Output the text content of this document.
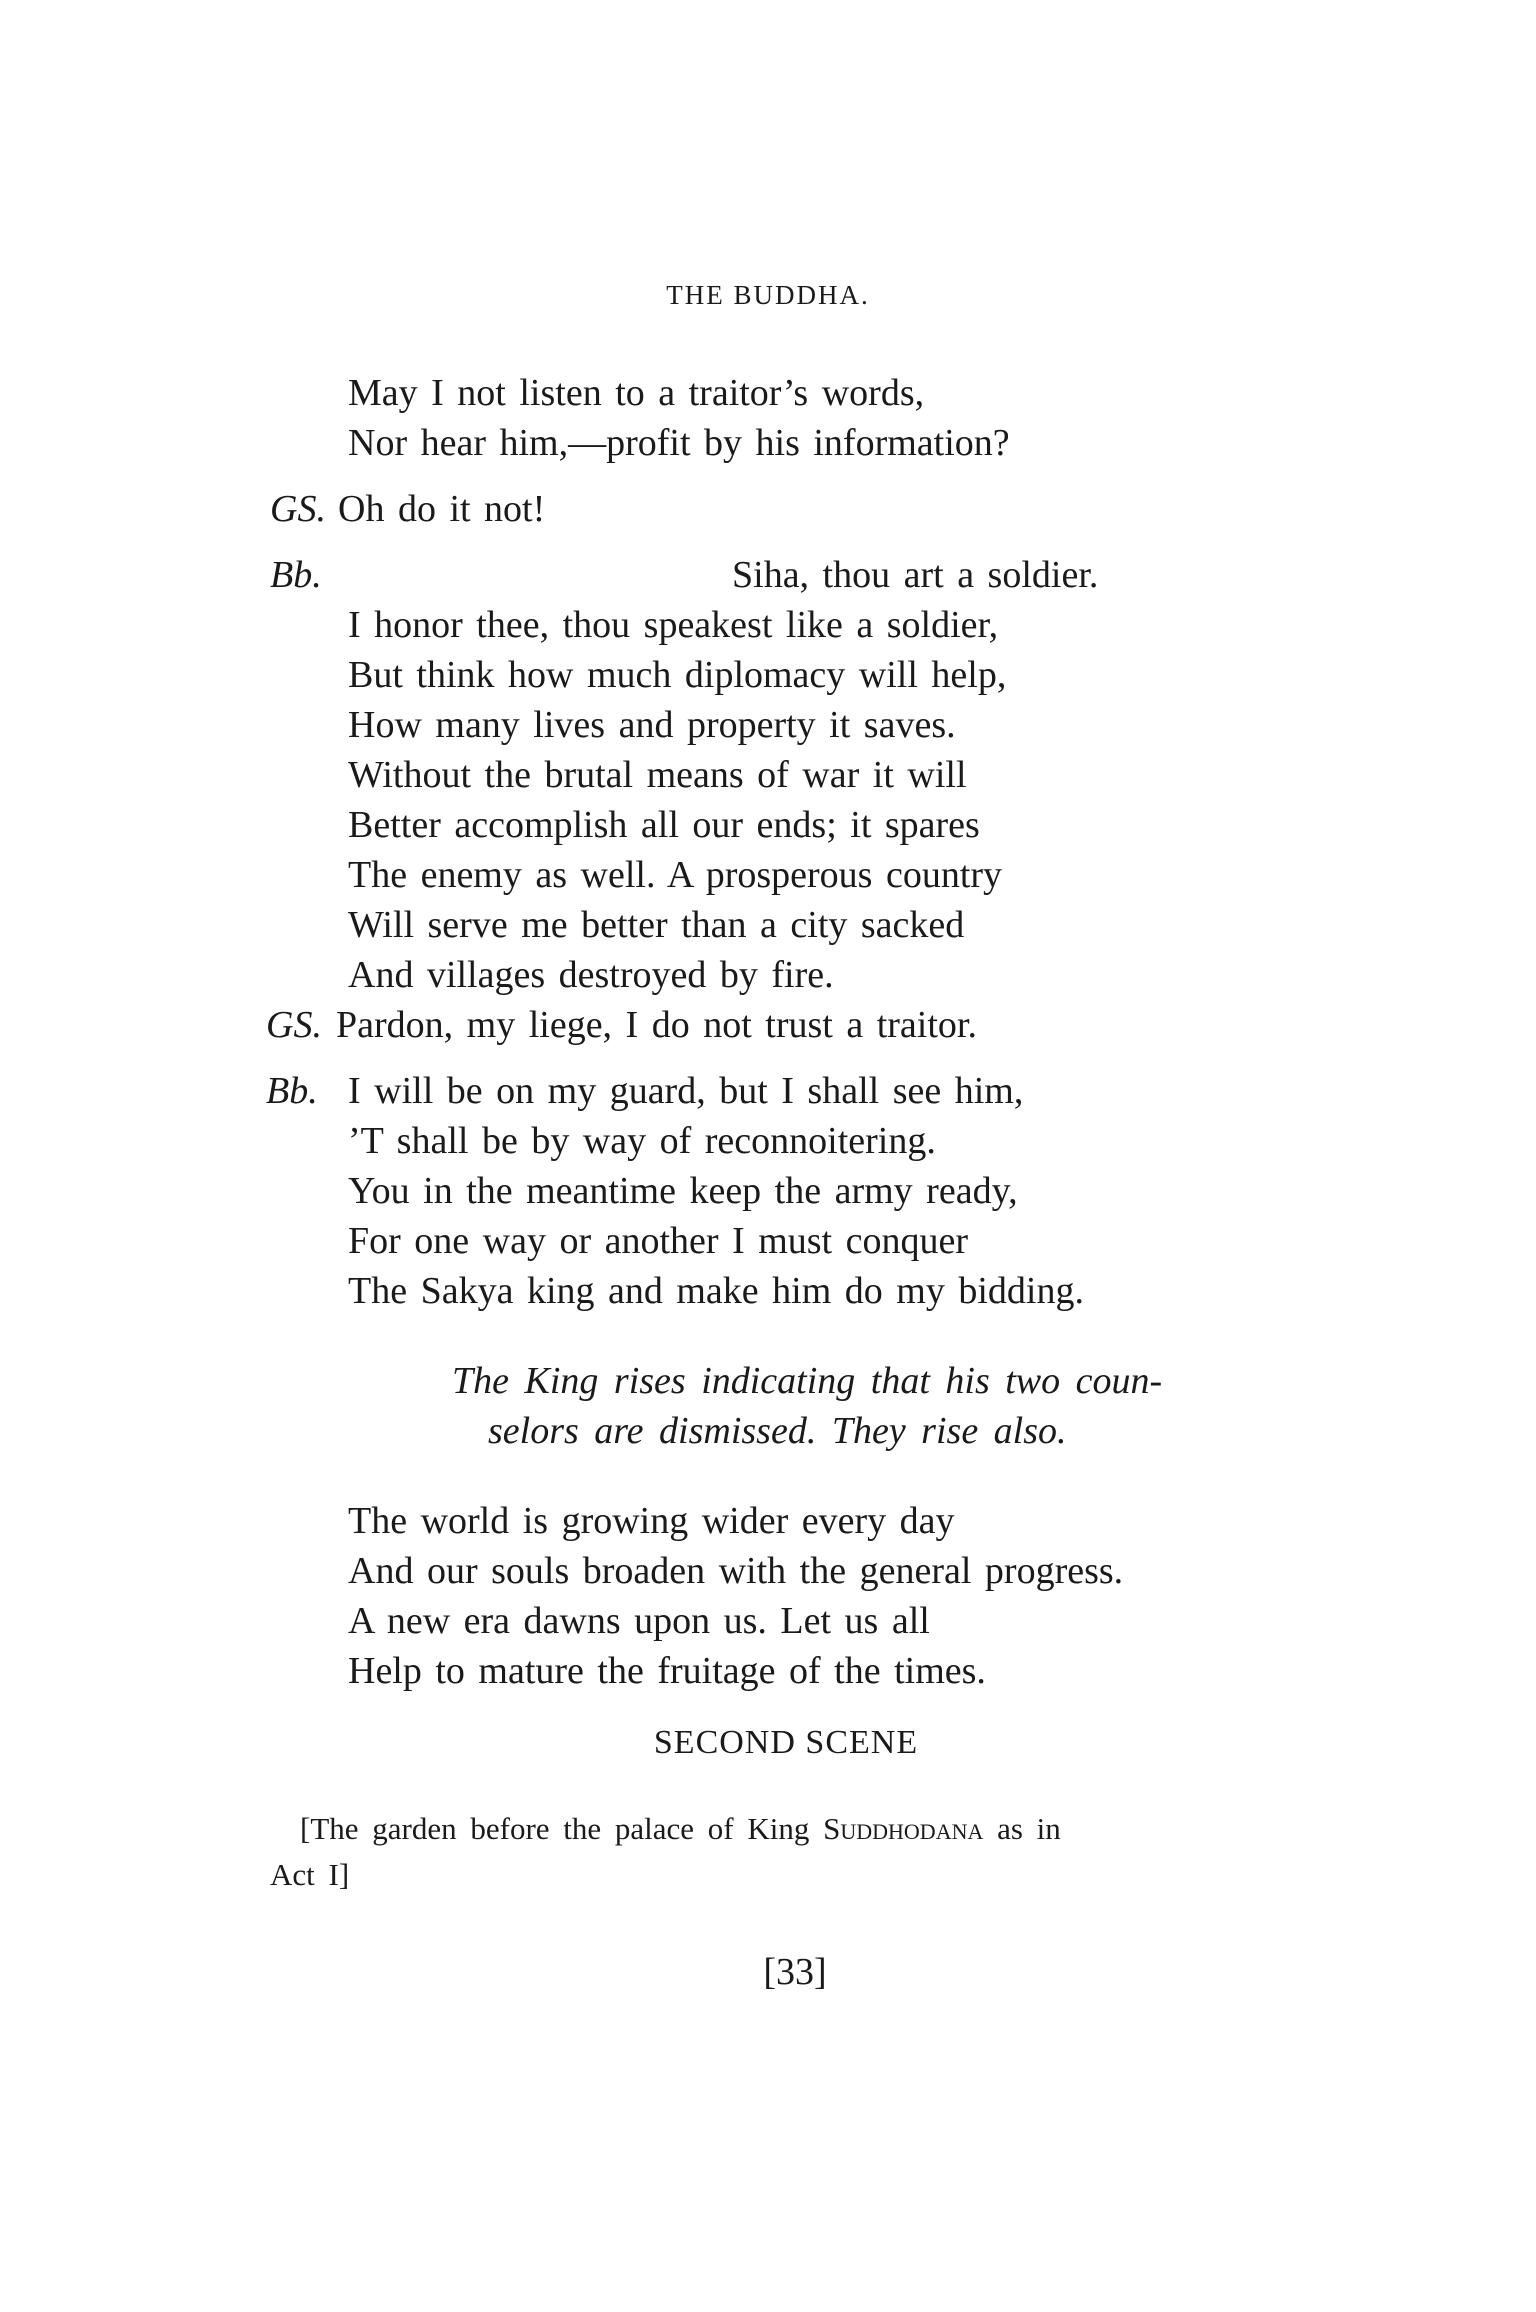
THE BUDDHA.
May I not listen to a traitor’s words,
Nor hear him,—profit by his information?
GS. Oh do it not!
Bb.	Siha, thou art a soldier.
I honor thee, thou speakest like a soldier,
But think how much diplomacy will help,
How many lives and property it saves.
Without the brutal means of war it will
Better accomplish all our ends; it spares
The enemy as well. A prosperous country
Will serve me better than a city sacked
And villages destroyed by fire.
GS. Pardon, my liege, I do not trust a traitor.
Bb. I will be on my guard, but I shall see him,
’T shall be by way of reconnoitering.
You in the meantime keep the army ready,
For one way or another I must conquer
The Sakya king and make him do my bidding.
The King rises indicating that his two coun-
selors are dismissed. They rise also.
The world is growing wider every day
And our souls broaden with the general progress.
A new era dawns upon us. Let us all
Help to mature the fruitage of the times.
SECOND SCENE
[The garden before the palace of King Suddhodana as in
Act I]
[33]
